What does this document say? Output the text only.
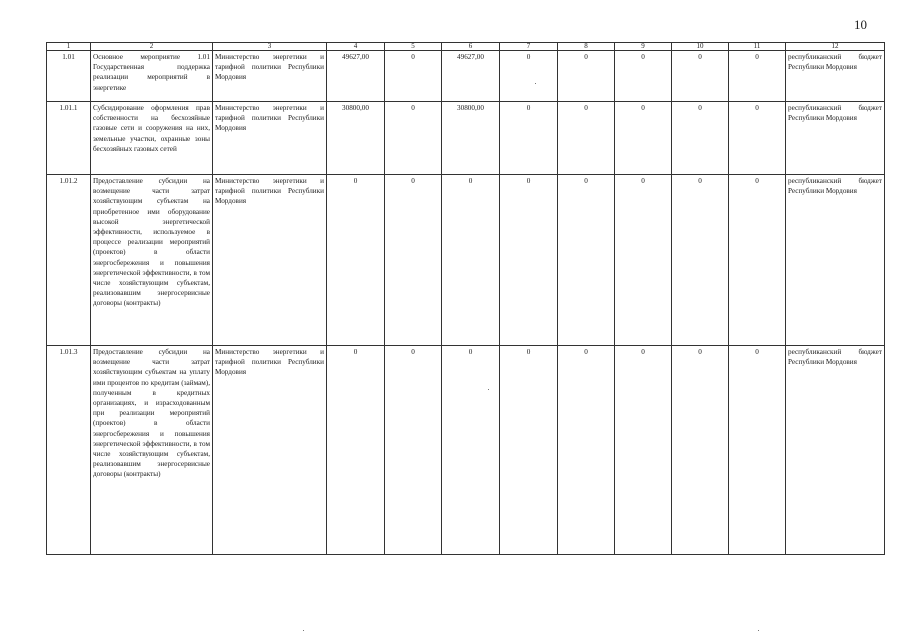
10
1	2	3	4	5	6	7	8	9	10	11	12
1.01	Основное мероприятие 1.01 Государственная поддержка реализации мероприятий в энергетике	Министерство энергетики и тарифной политики Республики Мордовия	49627,00	0	49627,00	0	0	0	0	0	республиканский бюджет Республики Мордовия
1.01.1	Субсидирование оформления прав собственности на бесхозяйные газовые сети и сооружения на них, земельные участки, охранные зоны бесхозяйных газовых сетей	Министерство энергетики и тарифной политики Республики Мордовия	30800,00	0	30800,00	0	0	0	0	0	республиканский бюджет Республики Мордовия
1.01.2	Предоставление субсидии на возмещение части затрат хозяйствующим субъектам на приобретенное ими оборудование высокой энергетической эффективности, используемое в процессе реализации мероприятий (проектов) в области энергосбережения и повышения энергетической эффективности, в том числе хозяйствующим субъектам, реализовавшим энергосервисные договоры (контракты)	Министерство энергетики и тарифной политики Республики Мордовия	0	0	0	0	0	0	0	0	республиканский бюджет Республики Мордовия
1.01.3	Предоставление субсидии на возмещение части затрат хозяйствующим субъектам на уплату ими процентов по кредитам (займам), полученным в кредитных организациях, и израсходованным при реализации мероприятий (проектов) в области энергосбережения и повышения энергетической эффективности, в том числе хозяйствующим субъектам, реализовавшим энергосервисные договоры (контракты)	Министерство энергетики и тарифной политики Республики Мордовия	0	0	0	0	0	0	0	0	республиканский бюджет Республики Мордовия
